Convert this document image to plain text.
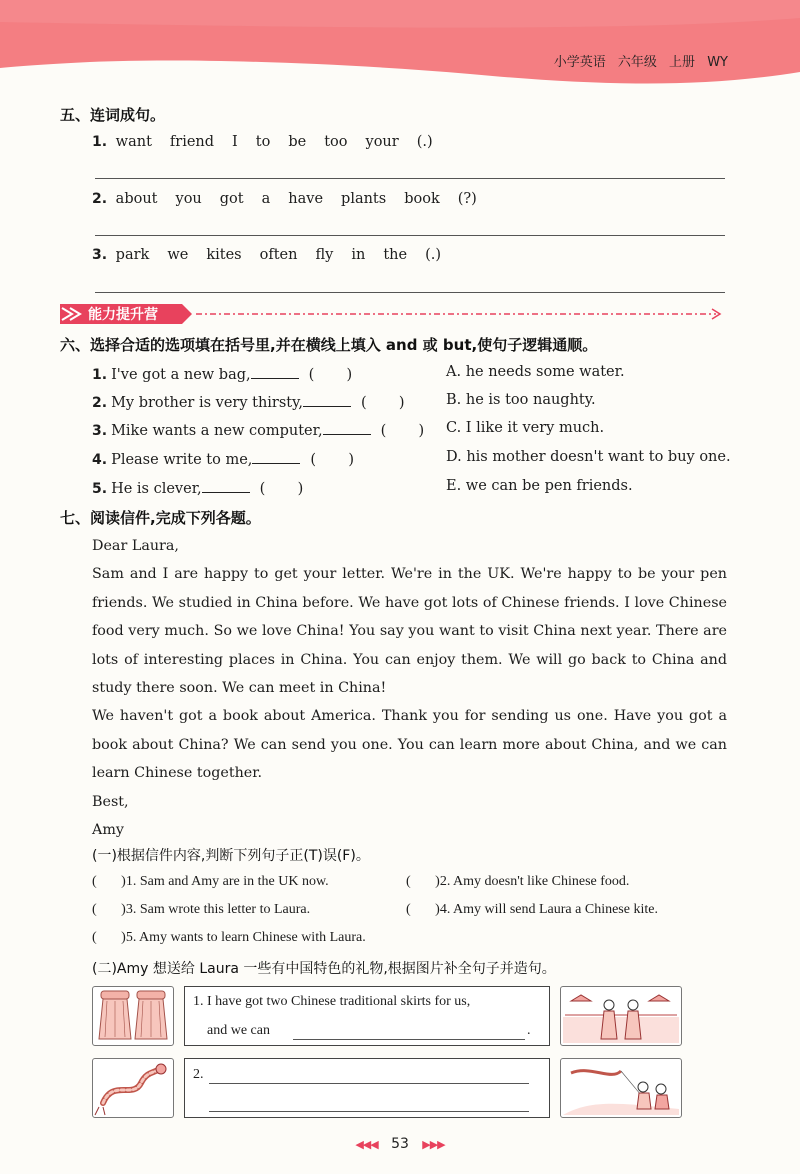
小学英语 六年级 上册 WY
五、连词成句。
1. want friend I to be too your (.)
2. about you got a have plants book (?)
3. park we kites often fly in the (.)
能力提升营
六、选择合适的选项填在括号里,并在横线上填入 and 或 but,使句子逻辑通顺。
1. I've got a new bag,	(       )	A. he needs some water.
2. My brother is very thirsty,	(       )	B. he is too naughty.
3. Mike wants a new computer,	(       ) C. I like it very much.
4. Please write to me,	(       )	D. his mother doesn't want to buy one.
5. He is clever,	(       )	E. we can be pen friends.
七、阅读信件,完成下列各题。

Dear Laura,

Sam and I are happy to get your letter. We're in the UK. We're happy to be your pen friends. We studied in China before. We have got lots of Chinese friends. I love Chinese food very much. So we love China! You say you want to visit China next year. There are lots of interesting places in China. You can enjoy them. We will go back to China and study there soon. We can meet in China!

We haven't got a book about America. Thank you for sending us one. Have you got a book about China? We can send you one. You can learn more about China, and we can learn Chinese together.

Best,

Amy

(一)根据信件内容,判断下列句子正(T)误(F)。
(       )1. Sam and Amy are in the UK now.	(       )2. Amy doesn't like Chinese food.
(       )3. Sam wrote this letter to Laura.	(       )4. Amy will send Laura a Chinese kite.
(       )5. Amy wants to learn Chinese with Laura.
(二)Amy 想送给 Laura 一些有中国特色的礼物,根据图片补全句子并造句。
1. I have got two Chinese traditional skirts for us,
and we can	.
2.
◀◀◀ 53 ▶▶▶
